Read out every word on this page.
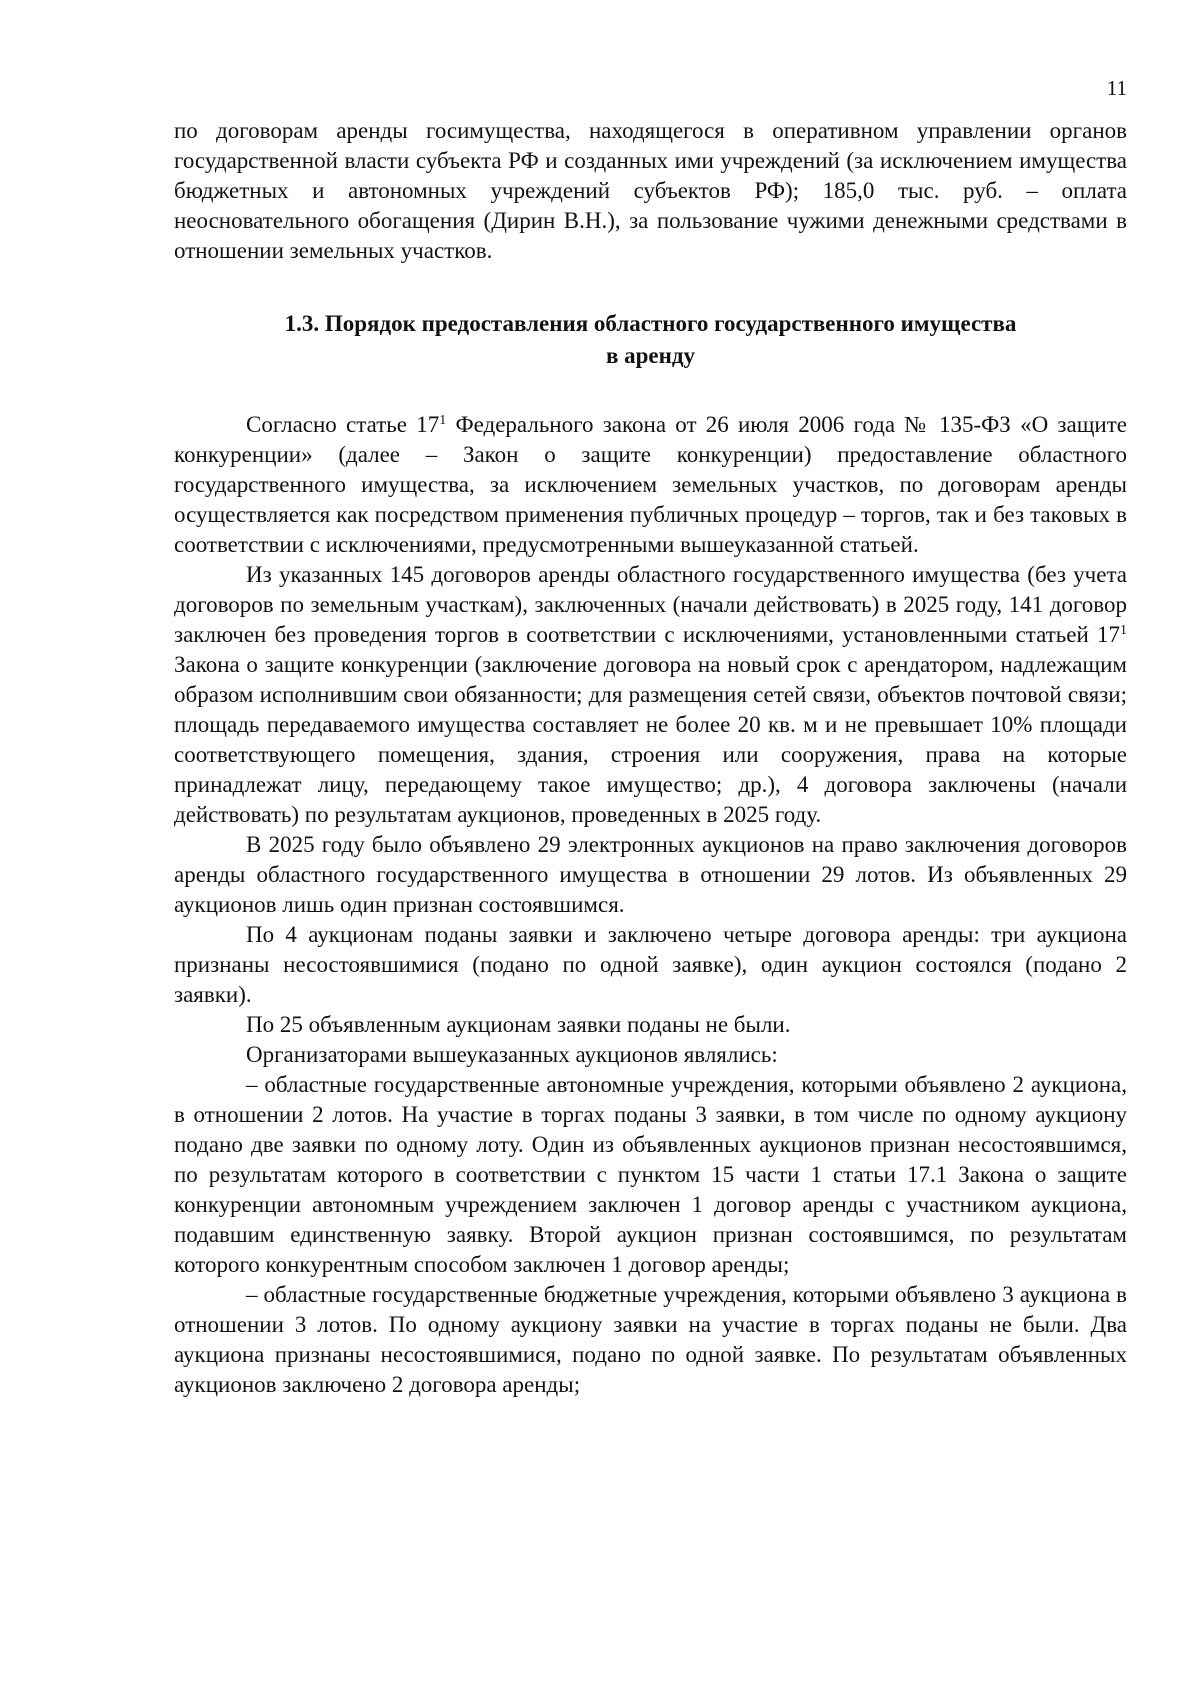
11

по договорам аренды госимущества, находящегося в оперативном управлении органов государственной власти субъекта РФ и созданных ими учреждений (за исключением имущества бюджетных и автономных учреждений субъектов РФ); 185,0 тыс. руб. – оплата неосновательного обогащения (Дирин В.Н.), за пользование чужими денежными средствами в отношении земельных участков.

1.3. Порядок предоставления областного государственного имущества
в аренду

Согласно статье $17^1$ Федерального закона от 26 июля 2006 года № 135-ФЗ «О защите конкуренции» (далее – Закон о защите конкуренции) предоставление областного государственного имущества, за исключением земельных участков, по договорам аренды осуществляется как посредством применения публичных процедур – торгов, так и без таковых в соответствии с исключениями, предусмотренными вышеуказанной статьей.

Из указанных 145 договоров аренды областного государственного имущества (без учета договоров по земельным участкам), заключенных (начали действовать) в 2025 году, 141 договор заключен без проведения торгов в соответствии с исключениями, установленными статьей $17^1$ Закона о защите конкуренции (заключение договора на новый срок с арендатором, надлежащим образом исполнившим свои обязанности; для размещения сетей связи, объектов почтовой связи; площадь передаваемого имущества составляет не более 20 кв. м и не превышает 10% площади соответствующего помещения, здания, строения или сооружения, права на которые принадлежат лицу, передающему такое имущество; др.), 4 договора заключены (начали действовать) по результатам аукционов, проведенных в 2025 году.

В 2025 году было объявлено 29 электронных аукционов на право заключения договоров аренды областного государственного имущества в отношении 29 лотов. Из объявленных 29 аукционов лишь один признан состоявшимся.

По 4 аукционам поданы заявки и заключено четыре договора аренды: три аукциона признаны несостоявшимися (подано по одной заявке), один аукцион состоялся (подано 2 заявки).

По 25 объявленным аукционам заявки поданы не были.

Организаторами вышеуказанных аукционов являлись:

– областные государственные автономные учреждения, которыми объявлено 2 аукциона, в отношении 2 лотов. На участие в торгах поданы 3 заявки, в том числе по одному аукциону подано две заявки по одному лоту. Один из объявленных аукционов признан несостоявшимся, по результатам которого в соответствии с пунктом 15 части 1 статьи 17.1 Закона о защите конкуренции автономным учреждением заключен 1 договор аренды с участником аукциона, подавшим единственную заявку. Второй аукцион признан состоявшимся, по результатам которого конкурентным способом заключен 1 договор аренды;

– областные государственные бюджетные учреждения, которыми объявлено 3 аукциона в отношении 3 лотов. По одному аукциону заявки на участие в торгах поданы не были. Два аукциона признаны несостоявшимися, подано по одной заявке. По результатам объявленных аукционов заключено 2 договора аренды;
